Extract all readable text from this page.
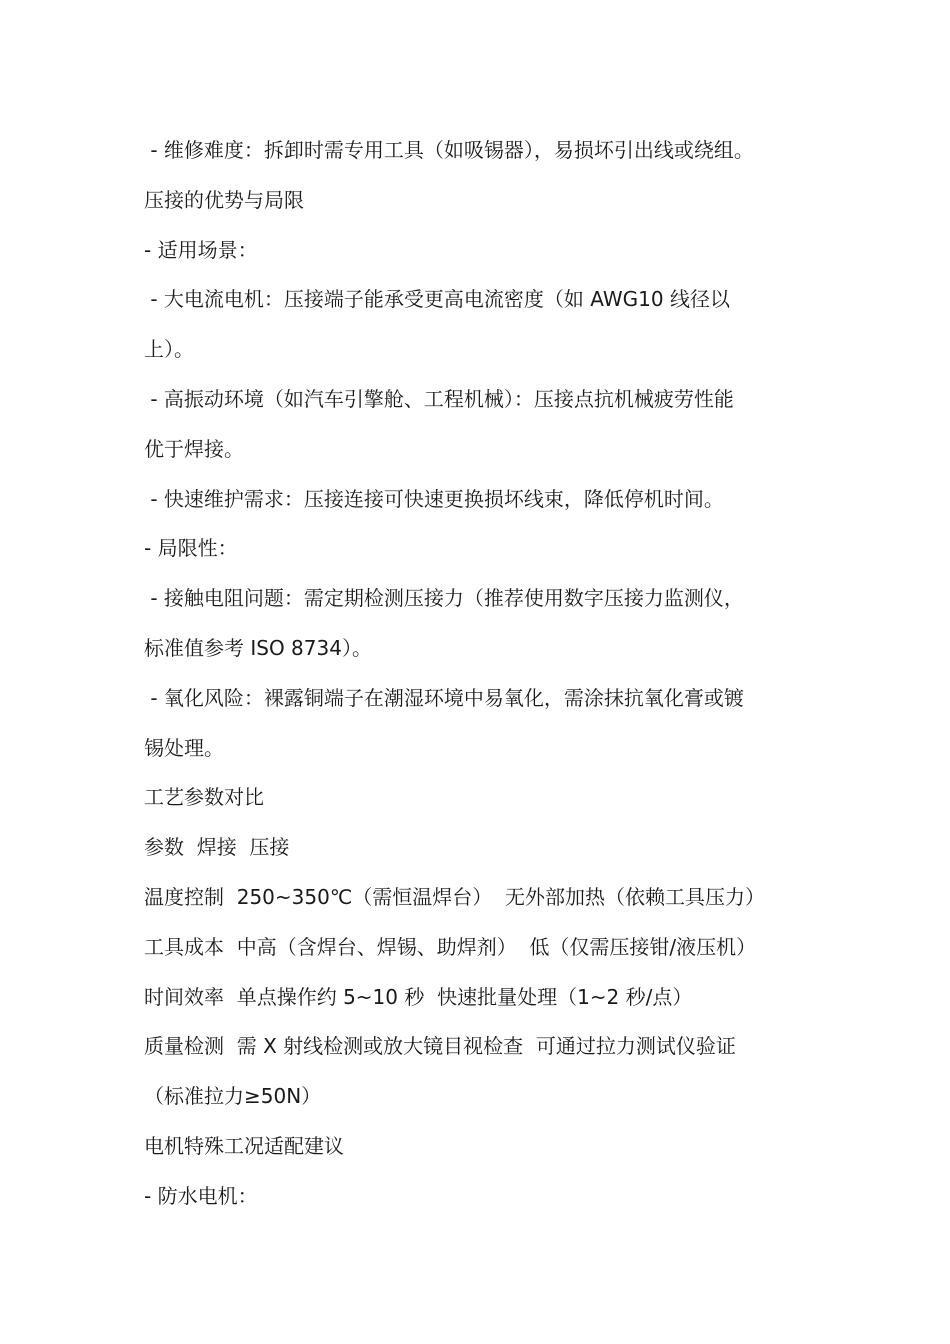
- 维修难度：拆卸时需专用工具（如吸锡器），易损坏引出线或绕组。
压接的优势与局限
- 适用场景：
- 大电流电机：压接端子能承受更高电流密度（如 AWG10 线径以
上）。
- 高振动环境（如汽车引擎舱、工程机械）：压接点抗机械疲劳性能
优于焊接。
- 快速维护需求：压接连接可快速更换损坏线束，降低停机时间。
- 局限性：
- 接触电阻问题：需定期检测压接力（推荐使用数字压接力监测仪，
标准值参考 ISO 8734）。
- 氧化风险：裸露铜端子在潮湿环境中易氧化，需涂抹抗氧化膏或镀
锡处理。
工艺参数对比
参数  焊接  压接
温度控制  250~350℃（需恒温焊台）  无外部加热（依赖工具压力）
工具成本  中高（含焊台、焊锡、助焊剂）  低（仅需压接钳/液压机）
时间效率  单点操作约 5~10 秒  快速批量处理（1~2 秒/点）
质量检测  需 X 射线检测或放大镜目视检查  可通过拉力测试仪验证
（标准拉力≥50N）
电机特殊工况适配建议
- 防水电机：
